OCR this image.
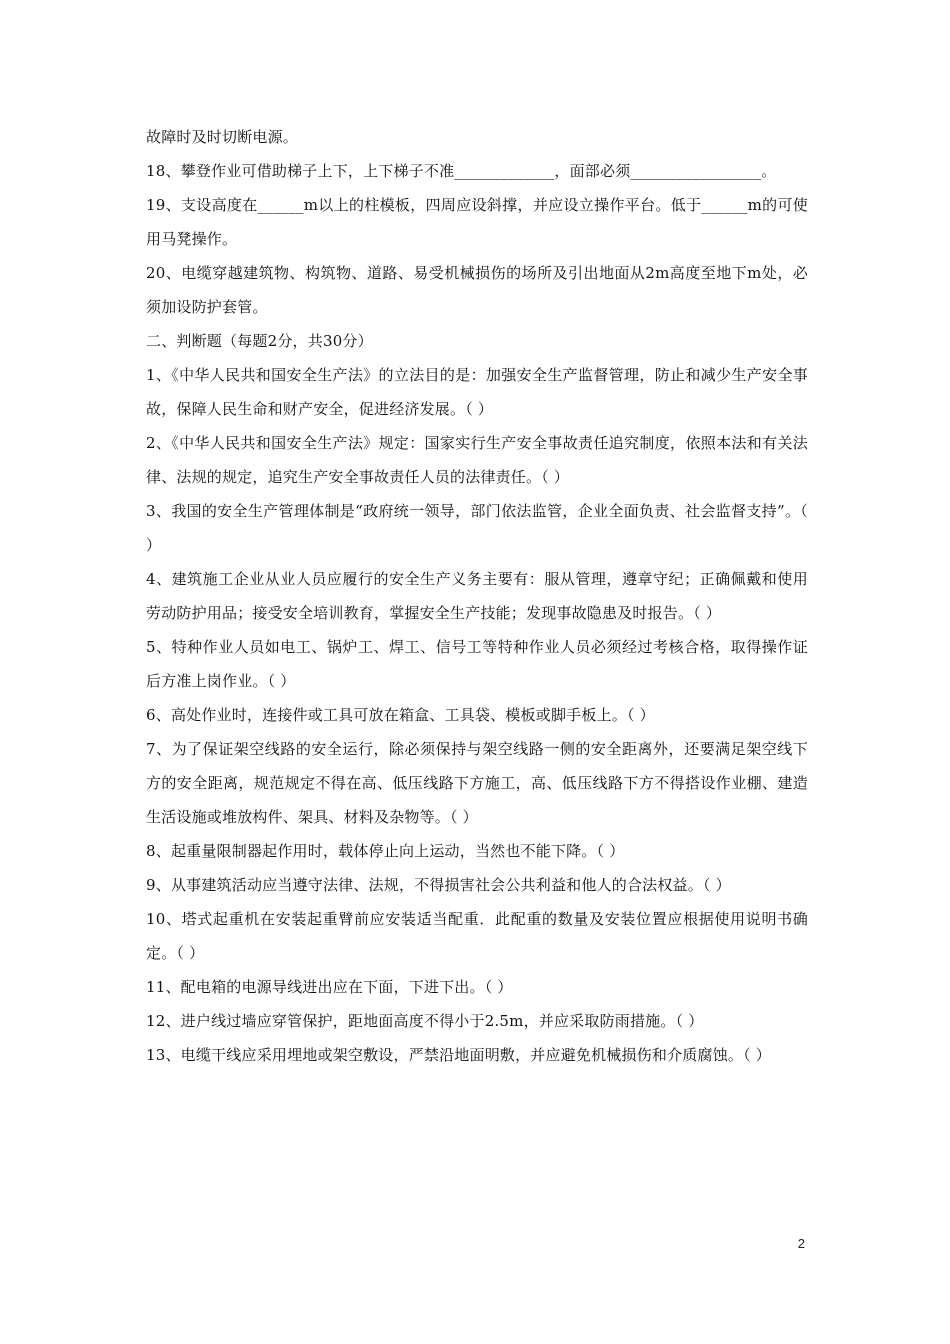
故障时及时切断电源。

18、攀登作业可借助梯子上下，上下梯子不准_____________，面部必须_________________。

19、支设高度在______m以上的柱模板，四周应设斜撑，并应设立操作平台。低于______m的可使用马凳操作。

20、电缆穿越建筑物、构筑物、道路、易受机械损伤的场所及引出地面从2m高度至地下m处，必须加设防护套管。

二、判断题（每题2分，共30分）

1、《中华人民共和国安全生产法》的立法目的是：加强安全生产监督管理，防止和减少生产安全事故，保障人民生命和财产安全，促进经济发展。（ ）

2、《中华人民共和国安全生产法》规定：国家实行生产安全事故责任追究制度，依照本法和有关法律、法规的规定，追究生产安全事故责任人员的法律责任。（ ）

3、我国的安全生产管理体制是“政府统一领导，部门依法监管，企业全面负责、社会监督支持”。（ ）

4、建筑施工企业从业人员应履行的安全生产义务主要有：服从管理，遵章守纪；正确佩戴和使用劳动防护用品；接受安全培训教育，掌握安全生产技能；发现事故隐患及时报告。（ ）

5、特种作业人员如电工、锅炉工、焊工、信号工等特种作业人员必须经过考核合格，取得操作证后方准上岗作业。（ ）

6、高处作业时，连接件或工具可放在箱盒、工具袋、模板或脚手板上。（ ）

7、为了保证架空线路的安全运行，除必须保持与架空线路一侧的安全距离外，还要满足架空线下方的安全距离，规范规定不得在高、低压线路下方施工，高、低压线路下方不得搭设作业棚、建造生活设施或堆放构件、架具、材料及杂物等。（ ）

8、起重量限制器起作用时，载体停止向上运动，当然也不能下降。（ ）

9、从事建筑活动应当遵守法律、法规，不得损害社会公共利益和他人的合法权益。（ ）

10、塔式起重机在安装起重臂前应安装适当配重．此配重的数量及安装位置应根据使用说明书确定。（ ）

11、配电箱的电源导线进出应在下面，下进下出。（ ）

12、进户线过墙应穿管保护，距地面高度不得小于2.5m，并应采取防雨措施。（ ）

13、电缆干线应采用埋地或架空敷设，严禁沿地面明敷，并应避免机械损伤和介质腐蚀。（ ）

2
